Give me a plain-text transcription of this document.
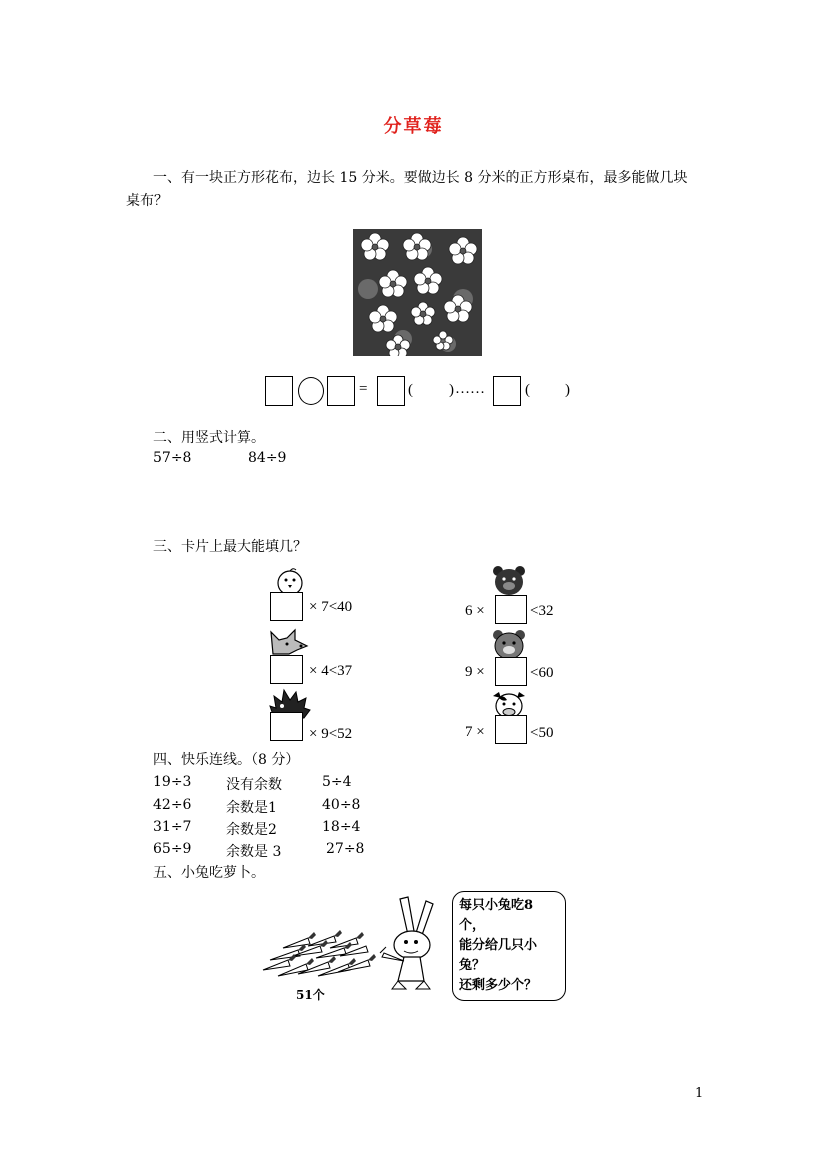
分草莓
一、有一块正方形花布，边长 15 分米。要做边长 8 分米的正方形桌布，最多能做几块
桌布？
=	( ) ……	( )
二、用竖式计算。
57÷8	84÷9
三、卡片上最大能填几？
× 7<40
× 4<37
× 9<52
6 ×	<32
9 ×	<60
7 ×	<50
四、快乐连线。（8 分）
19÷3 没有余数	5÷4
42÷6 余数是1	40÷8
31÷7 余数是2	18÷4
65÷9 余数是 3	27÷8
五、小兔吃萝卜。
51个
每只小兔吃8个，
能分给几只小兔？
还剩多少个？
1
